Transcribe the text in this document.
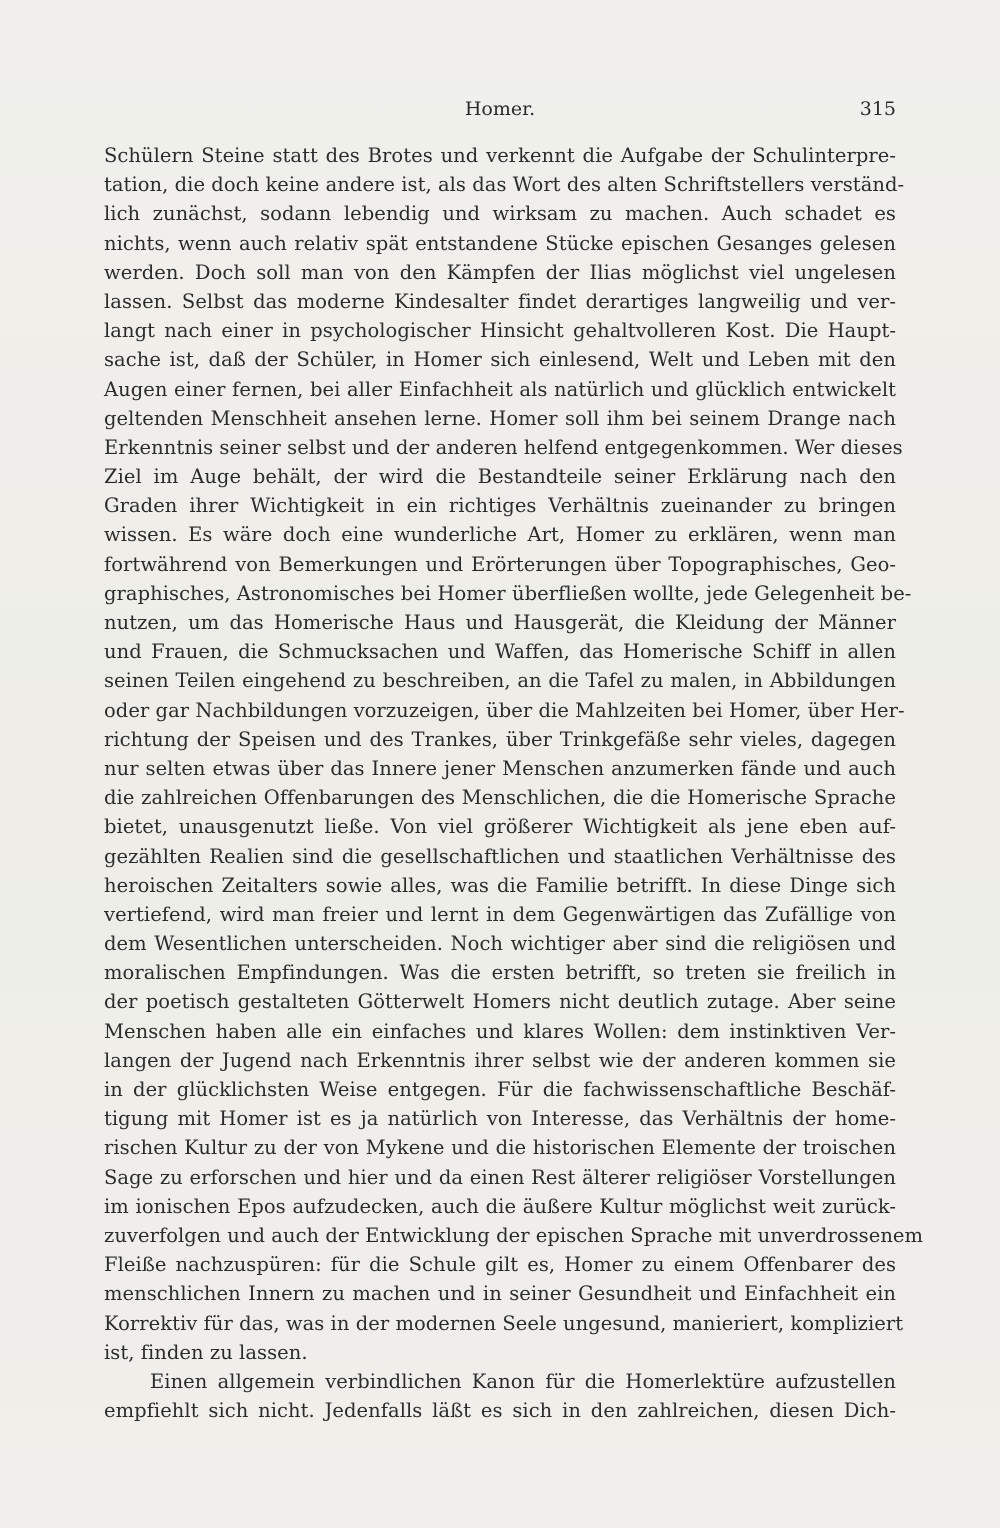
Homer.	315
Schülern Steine statt des Brotes und verkennt die Aufgabe der Schulinterpre-
tation, die doch keine andere ist, als das Wort des alten Schriftstellers verständ-
lich zunächst, sodann lebendig und wirksam zu machen. Auch schadet es
nichts, wenn auch relativ spät entstandene Stücke epischen Gesanges gelesen
werden. Doch soll man von den Kämpfen der Ilias möglichst viel ungelesen
lassen. Selbst das moderne Kindesalter findet derartiges langweilig und ver-
langt nach einer in psychologischer Hinsicht gehaltvolleren Kost. Die Haupt-
sache ist, daß der Schüler, in Homer sich einlesend, Welt und Leben mit den
Augen einer fernen, bei aller Einfachheit als natürlich und glücklich entwickelt
geltenden Menschheit ansehen lerne. Homer soll ihm bei seinem Drange nach
Erkenntnis seiner selbst und der anderen helfend entgegenkommen. Wer dieses
Ziel im Auge behält, der wird die Bestandteile seiner Erklärung nach den
Graden ihrer Wichtigkeit in ein richtiges Verhältnis zueinander zu bringen
wissen. Es wäre doch eine wunderliche Art, Homer zu erklären, wenn man
fortwährend von Bemerkungen und Erörterungen über Topographisches, Geo-
graphisches, Astronomisches bei Homer überfließen wollte, jede Gelegenheit be-
nutzen, um das Homerische Haus und Hausgerät, die Kleidung der Männer
und Frauen, die Schmucksachen und Waffen, das Homerische Schiff in allen
seinen Teilen eingehend zu beschreiben, an die Tafel zu malen, in Abbildungen
oder gar Nachbildungen vorzuzeigen, über die Mahlzeiten bei Homer, über Her-
richtung der Speisen und des Trankes, über Trinkgefäße sehr vieles, dagegen
nur selten etwas über das Innere jener Menschen anzumerken fände und auch
die zahlreichen Offenbarungen des Menschlichen, die die Homerische Sprache
bietet, unausgenutzt ließe. Von viel größerer Wichtigkeit als jene eben auf-
gezählten Realien sind die gesellschaftlichen und staatlichen Verhältnisse des
heroischen Zeitalters sowie alles, was die Familie betrifft. In diese Dinge sich
vertiefend, wird man freier und lernt in dem Gegenwärtigen das Zufällige von
dem Wesentlichen unterscheiden. Noch wichtiger aber sind die religiösen und
moralischen Empfindungen. Was die ersten betrifft, so treten sie freilich in
der poetisch gestalteten Götterwelt Homers nicht deutlich zutage. Aber seine
Menschen haben alle ein einfaches und klares Wollen: dem instinktiven Ver-
langen der Jugend nach Erkenntnis ihrer selbst wie der anderen kommen sie
in der glücklichsten Weise entgegen. Für die fachwissenschaftliche Beschäf-
tigung mit Homer ist es ja natürlich von Interesse, das Verhältnis der home-
rischen Kultur zu der von Mykene und die historischen Elemente der troischen
Sage zu erforschen und hier und da einen Rest älterer religiöser Vorstellungen
im ionischen Epos aufzudecken, auch die äußere Kultur möglichst weit zurück-
zuverfolgen und auch der Entwicklung der epischen Sprache mit unverdrossenem
Fleiße nachzuspüren: für die Schule gilt es, Homer zu einem Offenbarer des
menschlichen Innern zu machen und in seiner Gesundheit und Einfachheit ein
Korrektiv für das, was in der modernen Seele ungesund, manieriert, kompliziert
ist, finden zu lassen.
Einen allgemein verbindlichen Kanon für die Homerlektüre aufzustellen
empfiehlt sich nicht. Jedenfalls läßt es sich in den zahlreichen, diesen Dich-
